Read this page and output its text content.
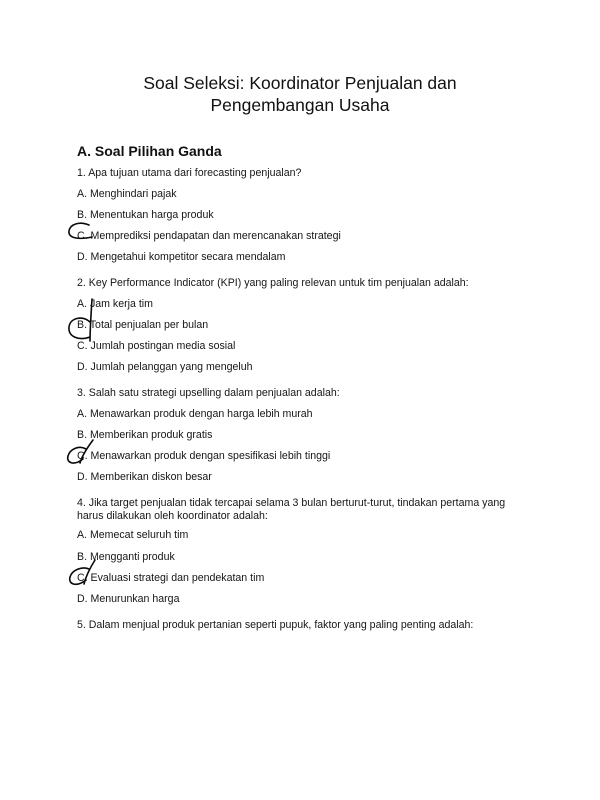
Soal Seleksi: Koordinator Penjualan dan
Pengembangan Usaha
A. Soal Pilihan Ganda
1. Apa tujuan utama dari forecasting penjualan?
A. Menghindari pajak
B. Menentukan harga produk
C. Memprediksi pendapatan dan merencanakan strategi
D. Mengetahui kompetitor secara mendalam
2. Key Performance Indicator (KPI) yang paling relevan untuk tim penjualan adalah:
A. Jam kerja tim
B. Total penjualan per bulan
C. Jumlah postingan media sosial
D. Jumlah pelanggan yang mengeluh
3. Salah satu strategi upselling dalam penjualan adalah:
A. Menawarkan produk dengan harga lebih murah
B. Memberikan produk gratis
C. Menawarkan produk dengan spesifikasi lebih tinggi
D. Memberikan diskon besar
4. Jika target penjualan tidak tercapai selama 3 bulan berturut-turut, tindakan pertama yang harus dilakukan oleh koordinator adalah:
A. Memecat seluruh tim
B. Mengganti produk
C. Evaluasi strategi dan pendekatan tim
D. Menurunkan harga
5. Dalam menjual produk pertanian seperti pupuk, faktor yang paling penting adalah:
